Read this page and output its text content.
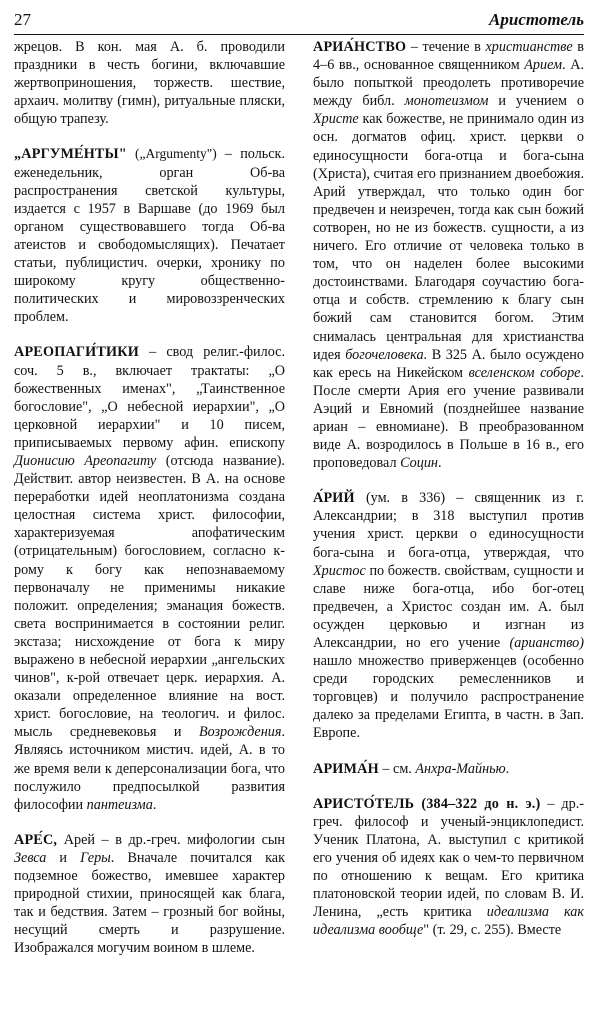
27	Аристотель

жрецов. В кон. мая А. б. проводили праздники в честь богини, включавшие жертвоприношения, торжеств. шествие, архаич. молитву (гимн), ритуальные пляски, общую трапезу.

„АРГУМЕ́НТЫ" („Argumenty") – польск. еженедельник, орган Об-ва распространения светской культуры, издается с 1957 в Варшаве (до 1969 был органом существовавшего тогда Об-ва атеистов и свободомыслящих). Печатает статьи, публицистич. очерки, хронику по широкому кругу общественно-политических и мировоззренческих проблем.

АРЕОПАГИ́ТИКИ – свод религ.-филос. соч. 5 в., включает трактаты: „О божественных именах", „Таинственное богословие", „О небесной иерархии", „О церковной иерархии" и 10 писем, приписываемых первому афин. епископу Дионисию Ареопагиту (отсюда название). Действит. автор неизвестен. В А. на основе переработки идей неоплатонизма создана целостная система христ. философии, характеризуемая апофатическим (отрицательным) богословием, согласно к-рому к богу как непознаваемому первоначалу не применимы никакие положит. определения; эманация божеств. света воспринимается в состоянии религ. экстаза; нисхождение от бога к миру выражено в небесной иерархии „ангельских чинов", к-рой отвечает церк. иерархия. А. оказали определенное влияние на вост. христ. богословие, на теологич. и филос. мысль средневековья и Возрождения. Являясь источником мистич. идей, А. в то же время вели к деперсонализации бога, что послужило предпосылкой развития философии пантеизма.

АРЕ́С, Арей – в др.-греч. мифологии сын Зевса и Геры. Вначале почитался как подземное божество, имевшее характер природной стихии, приносящей как блага, так и бедствия. Затем – грозный бог войны, несущий смерть и разрушение. Изображался могучим воином в шлеме.

АРИА́НСТВО – течение в христианстве в 4–6 вв., основанное священником Арием. А. было попыткой преодолеть противоречие между библ. монотеизмом и учением о Христе как божестве, не принимало один из осн. догматов офиц. христ. церкви о единосущности бога-отца и бога-сына (Христа), считая его признанием двоебожия. Арий утверждал, что только один бог предвечен и неизречен, тогда как сын божий сотворен, но не из божеств. сущности, а из ничего. Его отличие от человека только в том, что он наделен более высокими достоинствами. Благодаря соучастию бога-отца и собств. стремлению к благу сын божий сам становится богом. Этим снималась центральная для христианства идея богочеловека. В 325 А. было осуждено как ересь на Никейском вселенском соборе. После смерти Ария его учение развивали Аэций и Евномий (позднейшее название ариан – евномиане). В преобразованном виде А. возродилось в Польше в 16 в., его проповедовал Социн.

А́РИЙ (ум. в 336) – священник из г. Александрии; в 318 выступил против учения христ. церкви о единосущности бога-сына и бога-отца, утверждая, что Христос по божеств. свойствам, сущности и славе ниже бога-отца, ибо бог-отец предвечен, а Христос создан им. А. был осужден церковью и изгнан из Александрии, но его учение (арианство) нашло множество приверженцев (особенно среди городских ремесленников и торговцев) и получило распространение далеко за пределами Египта, в частн. в Зап. Европе.

АРИМА́Н – см. Анхра-Майнью.

АРИСТО́ТЕЛЬ (384–322 до н. э.) – др.-греч. философ и ученый-энциклопедист. Ученик Платона, А. выступил с критикой его учения об идеях как о чем-то первичном по отношению к вещам. Его критика платоновской теории идей, по словам В. И. Ленина, „есть критика идеализма как идеализма вообще" (т. 29, с. 255). Вместе
